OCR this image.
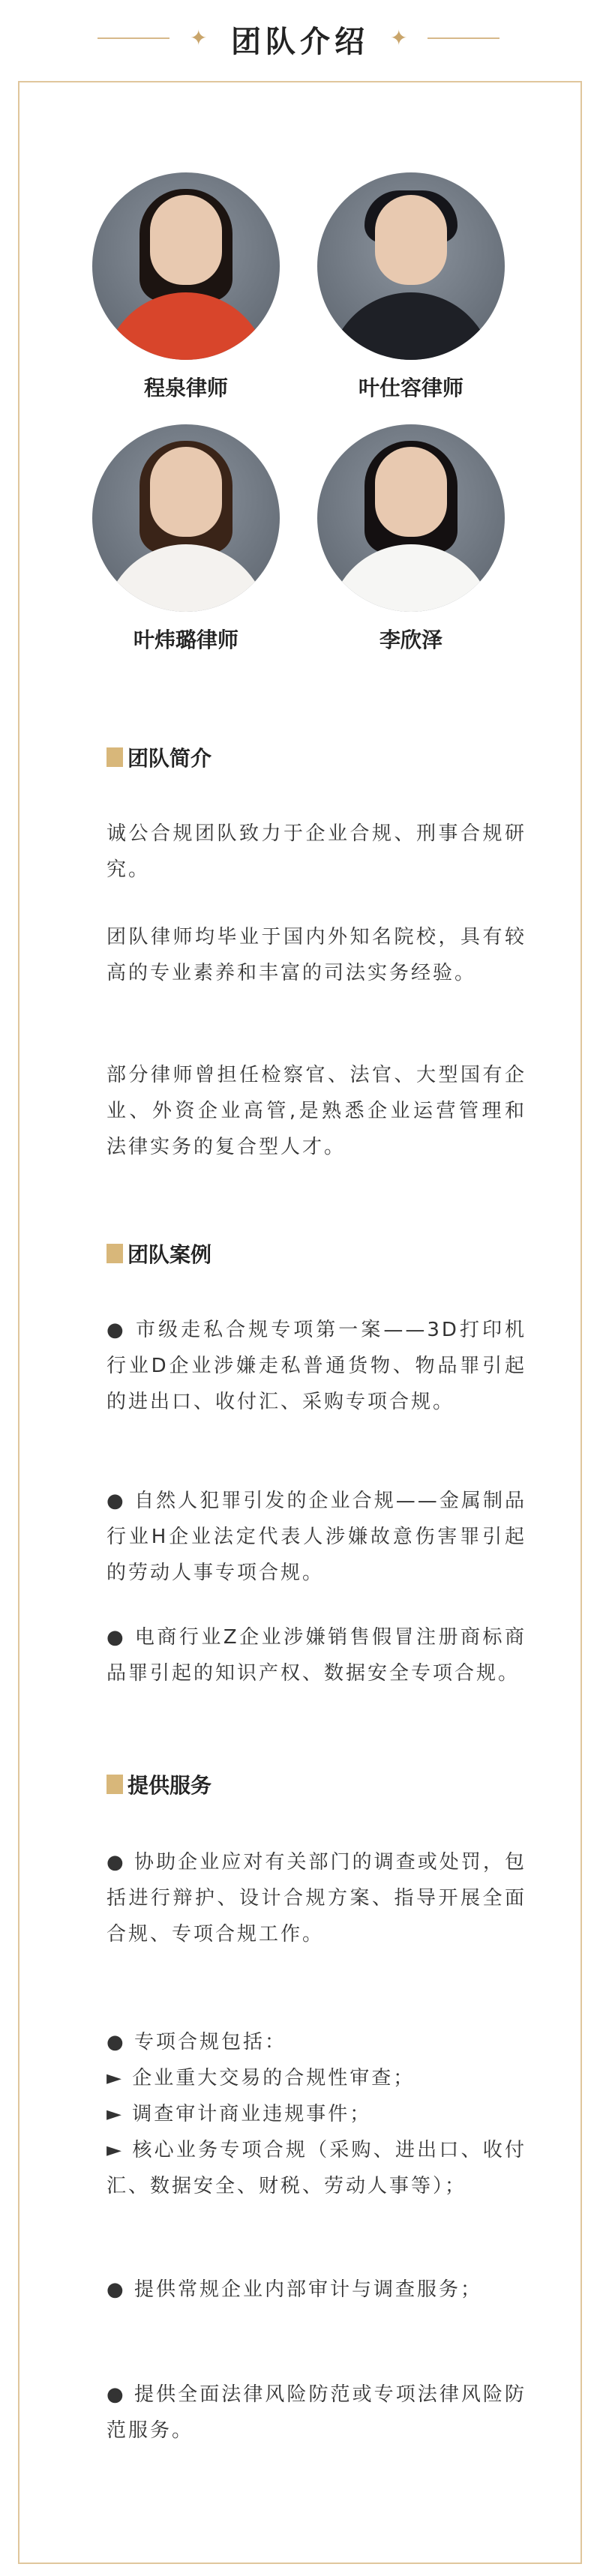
✦ 团队介绍	✦
程泉律师	叶仕容律师
叶炜璐律师	李欣泽
团队简介
诚公合规团队致力于企业合规、刑事合规研究。
团队律师均毕业于国内外知名院校，具有较高的专业素养和丰富的司法实务经验。
部分律师曾担任检察官、法官、大型国有企业、外资企业高管,是熟悉企业运营管理和法律实务的复合型人才。
团队案例
● 市级走私合规专项第一案——3D打印机行业D企业涉嫌走私普通货物、物品罪引起的进出口、收付汇、采购专项合规。
● 自然人犯罪引发的企业合规——金属制品行业H企业法定代表人涉嫌故意伤害罪引起的劳动人事专项合规。
● 电商行业Z企业涉嫌销售假冒注册商标商品罪引起的知识产权、数据安全专项合规。
提供服务
● 协助企业应对有关部门的调查或处罚，包括进行辩护、设计合规方案、指导开展全面合规、专项合规工作。
● 专项合规包括：
► 企业重大交易的合规性审查；
► 调查审计商业违规事件；
► 核心业务专项合规（采购、进出口、收付汇、数据安全、财税、劳动人事等）；
● 提供常规企业内部审计与调查服务；
● 提供全面法律风险防范或专项法律风险防范服务。
